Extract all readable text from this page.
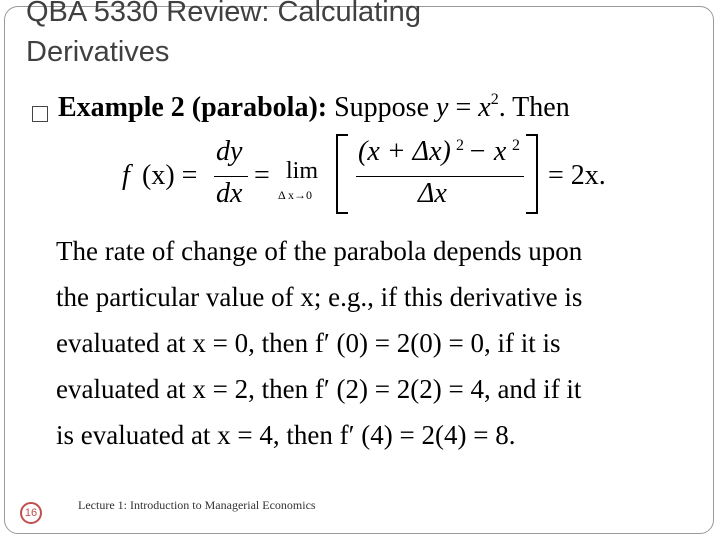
QBA 5330 Review: Calculating
Derivatives
Example 2 (parabola): Suppose $y = x^2$. Then
f (x) =
dy
dx
= lim
Δ x→0
(x + Δx) 2 − x 2
Δx
= 2x.

The rate of change of the parabola depends upon

the particular value of x; e.g., if this derivative is

evaluated at x = 0, then f′ (0) = 2(0) = 0, if it is

evaluated at x = 2, then f′ (2) = 2(2) = 4, and if it

is evaluated at x = 4, then f′ (4) = 2(4) = 8.

16
Lecture 1: Introduction to Managerial Economics
